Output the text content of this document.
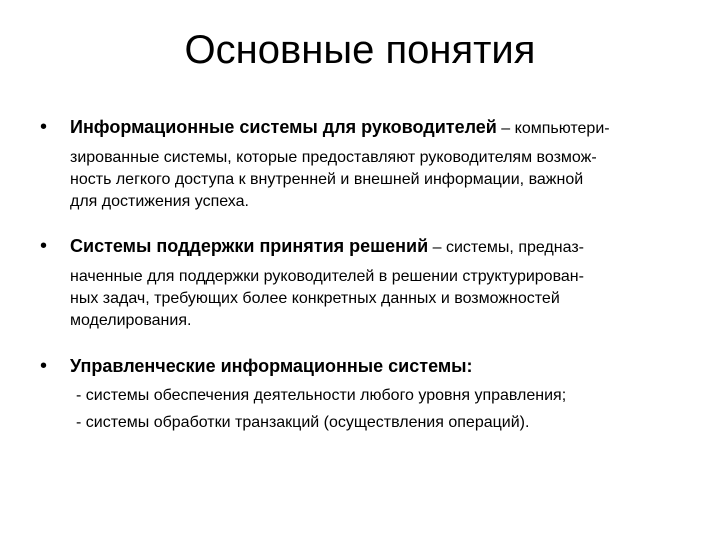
Основные понятия
• Информационные системы для руководителей – компьютери-
зированные системы, которые предоставляют руководителям возмож-
ность легкого доступа к внутренней и внешней информации, важной
для достижения успеха.
• Системы поддержки принятия решений – системы, предназ-
наченные для поддержки руководителей в решении структурирован-
ных задач, требующих более конкретных данных и возможностей
моделирования.
• Управленческие информационные системы:
- системы обеспечения деятельности любого уровня управления;
- системы обработки транзакций (осуществления операций).
